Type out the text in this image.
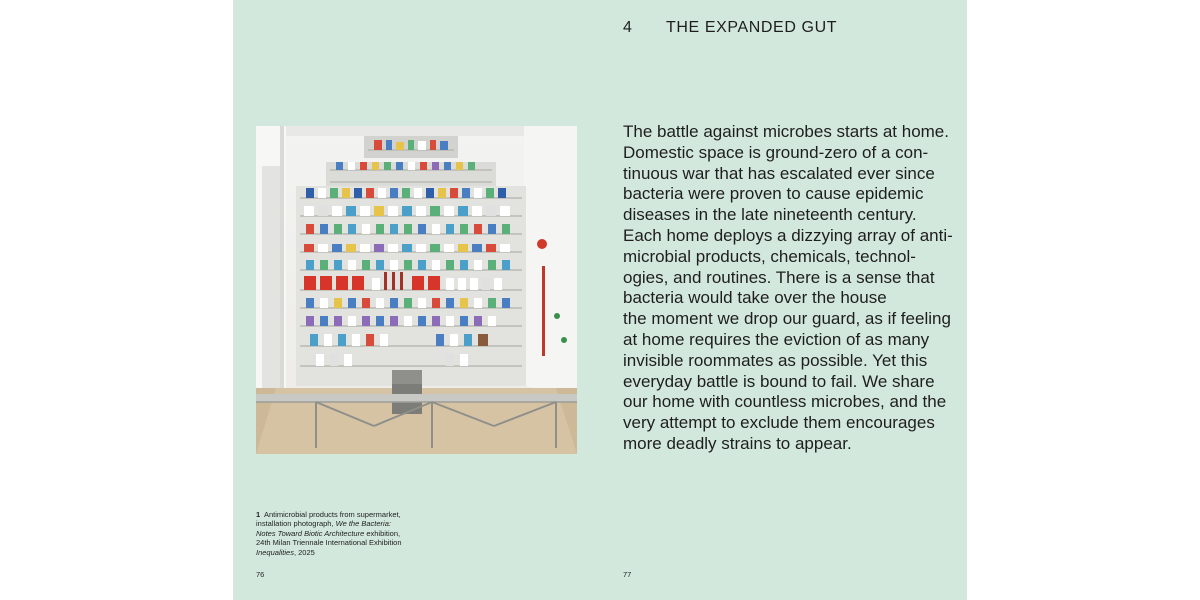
4 THE EXPANDED GUT
The battle against microbes starts at home.
Domestic space is ground-zero of a con-
tinuous war that has escalated ever since
bacteria were proven to cause epidemic
diseases in the late nineteenth century.
Each home deploys a dizzying array of anti-
microbial products, chemicals, technol-
ogies, and routines. There is a sense that
bacteria would take over the house
the moment we drop our guard, as if feeling
at home requires the eviction of as many
invisible roommates as possible. Yet this
everyday battle is bound to fail. We share
our home with countless microbes, and the
very attempt to exclude them encourages
more deadly strains to appear.
1 Antimicrobial products from supermarket,
installation photograph, We the Bacteria:
Notes Toward Biotic Architecture exhibition,
24th Milan Triennale International Exhibition
Inequalities, 2025
76	77
